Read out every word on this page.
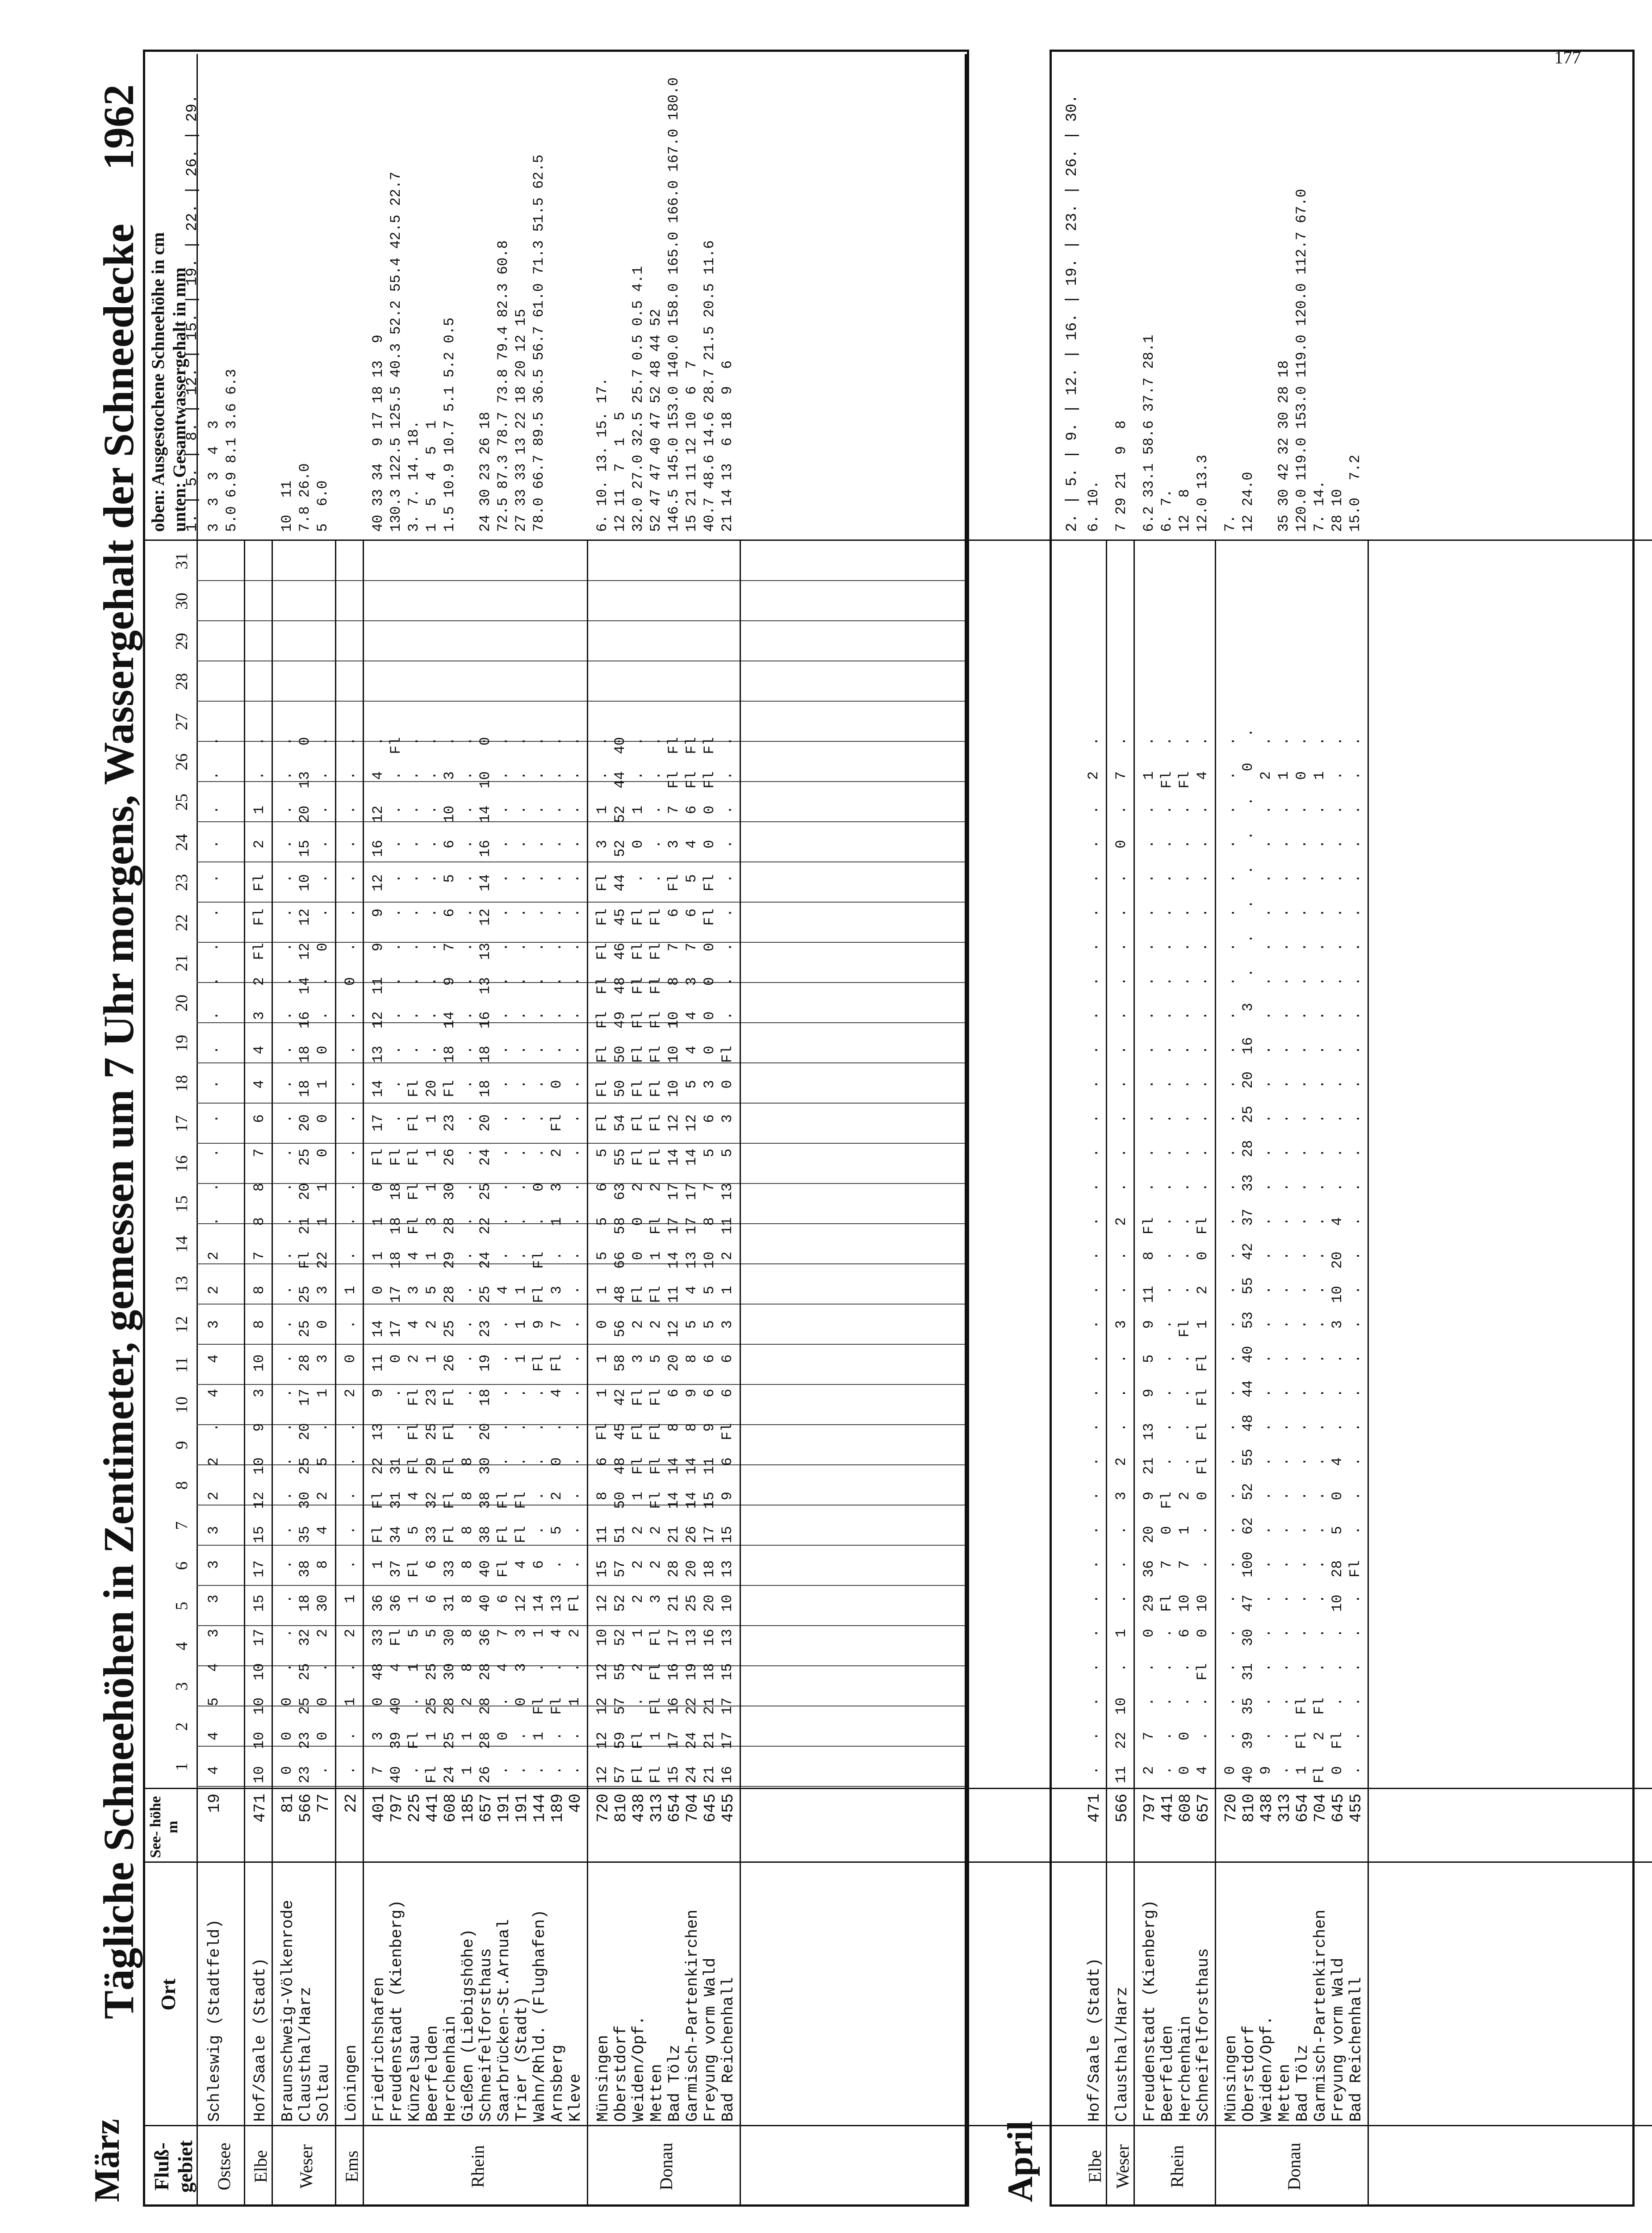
177
März
Tägliche Schneehöhen in Zentimeter, gemessen um 7 Uhr morgens, Wassergehalt der Schneedecke
1962
Fluß- gebiet
Ort
See- höhe m
1
2
3
4
5
6
7
8
9
10
11
12
13
14
15
16
17
18
19
20
21
22
23
24
25
26
27
28
29
30
31
oben: Ausgestochene Schneehöhe in cm unten: Gesamtwassergehalt in mm
1. | 5. | 8. | 12. | 15. | 19. | 22. | 26. | 29.
Schleswig (Stadtfeld)
19
4   4   5   4   3   3   3   3   2   2   .   4   4   3   2   2   .   .   .   .   .   .   .   .   .   .   .   .   .   .   .
3  3  3  4  3 5.0 6.9 8.1 3.6 6.3
Ostsee
Hof/Saale (Stadt)
471
10  10  10  10  17  15  17  15  12  10   9   3  10   8   8   7   8   8   7   6   4   4   3   2  Fl  Fl  Fl   2   1   .   .
Elbe
Braunschweig-Völkenrode
81
0   0   0   .   .   .   .   .   .   .   .   .   .   .   .   .   .   .   .   .   .   .   .   .   .   .   .   .   .   .   .
10  11
Clausthal/Harz
566
23  23  25  25  32  18  38  35  30  25  20  17  28  25  25  Fl  21  20  25  20  18  18  16  14  12  12  10  15  20  13   0
7.8 26.0
Soltau
77
.   0   0   .   2  30   8   4   2   5   .   1   3   0   3  22   1   1   0   0   1   0   .   .   0   .   .   .   .   .   .
5  6.0
Weser
Löningen
22
.   .   1   .   2   1   .   .   .   .   .   2   0   .   1   .   .   .   .   .   .   .   .   0   .   .   .   .   .   .   .
Ems
Friedrichshafen
401
7   3   0  48  33  36   1  Fl  Fl  22  13   9  11  14   0   1   1   0  Fl  17  14  13  12  11   9   9  12  16  12   4   .
40 33 34  9 17 18 13  9
Freudenstadt (Kienberg)
797
40  39  40   4  Fl  36  37  34  31  31   .   .   0  17  17  18  18  18  Fl   .   .   .   .   .   .   .   .   .   .   .  Fl
130.3 122.5 125.5 40.3 52.2 55.4 42.5 22.7
Künzelsau
225
.  Fl   .   1   5   1  Fl   5   4  Fl  Fl  Fl   2   4   3   4  Fl  Fl  Fl  Fl  Fl   .   .   .   .   .   .   .   .   .   .
3. 7. 14. 18.
Beerfelden
441
Fl   1  25  25   5   6   6  33  32  29  25  23   1   2   5   1   3   1   1   1  20   .   .   .   .   .   .   .   .   .   .
1  5  4  5  1
Herchenhain
608
24  25  28  30  30  31  33  Fl  Fl  Fl  Fl  Fl  26  25  28  29  28  30  26  23  Fl  18  14   9   7   6   5   6  10   3   .
1.5 10.9 10.7 5.1 5.2 0.5
Gießen (Liebigshöhe)
185
1   1   2   8   8   8   8   8   8   8   .   .   .   .   .   .   .   .   .   .   .   .   .   .   .   .   .   .   .   .   .
Schneifelforsthaus
657
26  28  28  28  36  40  40  38  38  30  20  18  19  23  25  24  22  25  24  20  18  18  16  13  13  12  14  16  14  10   0
24 30 23 26 18
Saarbrücken-St.Arnual
191
.   0   .   4   7   6  Fl  Fl  Fl   .   .   .   .   .   4   .   .   .   .   .   .   .   .   .   .   .   .   .   .   .   .
72.5 87.3 78.7 73.8 79.4 82.3 60.8
Trier (Stadt)
191
.   .   0   3   3  12   4  Fl  Fl   .   .   .   1   1   1   .   .   .   .   .   .   .   .   .   .   .   .   .   .   .   .
27 33 33 13 22 18 20 12 15
Wahn/Rhld. (Flughafen)
144
.   1  Fl   .   1  14   6   .   .   .   .   .  Fl   9  Fl  Fl   .   0   .   .   .   .   .   .   .   .   .   .   .   .   .
78.0 66.7 89.5 36.5 56.7 61.0 71.3 51.5 62.5
Arnsberg
189
.   .  Fl   .   4  13   .   5   2   0   .   4  Fl   7   3   .   1   3   2  Fl   0   .   .   .   .   .   .   .   .   .   .
Kleve
40
.   .   1   .   2  Fl   .   .   .   .   .   .   .   .   .   .   .   .   .   .   .   .   .   .   .   .   .   .   .   .   .
Rhein
Münsingen
720
12  12  12  12  10  12  15  11   8   6  Fl   1   1   0   1   5   5   6   5  Fl  Fl  Fl  Fl  Fl  Fl  Fl  Fl   3   1   .   .
6. 10. 13. 15. 17.
Oberstdorf
810
57  59  57  55  52  52  57  51  50  48  45  42  58  56  48  66  58  63  55  54  50  50  49  48  46  45  44  52  52  44  40
12 11  7  1  5
Weiden/Opf.
438
Fl  Fl   .   2   1   2   2   2   1  Fl  Fl  Fl   3   2  Fl   0   0   2  Fl  Fl  Fl  Fl  Fl  Fl  Fl  Fl   .   0   1   .   .
32.0 27.0 32.5 25.7 0.5 0.5 4.1
Metten
313
Fl   1  Fl  Fl  Fl   3   2   2  Fl  Fl  Fl  Fl   5   2  Fl   1  Fl   2  Fl  Fl  Fl  Fl  Fl  Fl  Fl  Fl   .   .   .   .   .
52 47 47 40 47 52 48 44 52
Bad Tölz
654
15  17  16  16  17  21  28  21  14  14   8   6  20  12  11  14  17  17  14  12  10  10  10   8   7   6  Fl   3   7  Fl  Fl
146.5 145.0 153.0 140.0 158.0 165.0 166.0 167.0 180.0
Garmisch-Partenkirchen
704
24  24  22  19  13  25  20  26  14  14   8   9   8   5   4  13  17  17  14  12   5   4   4   3   7   6   5   4   6  Fl  Fl
15 21 11 12 10  6  7
Freyung vorm Wald
645
21  21  21  18  16  20  18  17  15  11   9   6   6   5   5  10   8   7   5   6   3   0   0   0   0  Fl  Fl   0   0  Fl  Fl
40.7 48.6 14.6 28.7 21.5 20.5 11.6
Bad Reichenhall
455
16  17  17  15  13  10  13  15   9   6  Fl   6   6   3   1   2  11  13   5   3   0  Fl   .   .   .   .   .   .   .   .   .
21 14 13  6 18  9  6
Donau	April
2. | 5. | 9. | 12. | 16. | 19. | 23. | 26. | 30.
Hof/Saale (Stadt)
471
.   .   .   .   .   .   .   .   .   .   .   .   .   .   .   .   .   .   .   .   .   .   .   .   .   .   .   .   .   2   .
6. 10.
Elbe
Clausthal/Harz
566
11  22  10   .   1   .   .   .   3   2   .   .   .   3   .   .   2   .   .   .   .   .   .   .   .   .   .   0   .   7   .
7 29 21  9  8
Weser
Freudenstadt (Kienberg)
797
2   7   .   .   0  29  36  20   9  21  13   9   5   9  11   8  Fl   .   .   .   .   .   .   .   .   .   .   .   .   1   .
6.2 33.1 58.6 37.7 28.1
Beerfelden
441
.   .   .   .   .  Fl   7   0  Fl   .   .   .   .   .   .   .   .   .   .   .   .   .   .   .   .   .   .   .   .  Fl   .
6. 7.
Herchenhain
608
0   0   .   .   6  10   7   1   2   .   .   .   .  Fl   .   .   .   .   .   .   .   .   .   .   .   .   .   .   .  Fl   .
12  8
Schneifelforsthaus
657
4   .   .  Fl   0  10   .   .   0  Fl  Fl  Fl  Fl   1   2   0  Fl   .   .   .   .   .   .   .   .   .   .   .   .   4   .
12.0 13.3
Rhein
Münsingen
720
0   .   .   .   .   .   .   .   .   .   .   .   .   .   .   .   .   .   .   .   .   .   .   .   .   .   .   .   .   .   .
7.
Oberstdorf
810
40  39  35  31  30  47  100  62  52  55  48  44  40  53  55  42  37  33  28  25  20  16   3   .   .   .   .   .   .   0   .
12 24.0
Weiden/Opf.
438
9   .   .   .   .   .   .   .   .   .   .   .   .   .   .   .   .   .   .   .   .   .   .   .   .   .   .   .   .   2   .
Metten
313
.   .   .   .   .   .   .   .   .   .   .   .   .   .   .   .   .   .   .   .   .   .   .   .   .   .   .   .   .   1   .
35 30 42 32 30 28 18
Bad Tölz
654
1  Fl  Fl   .   .   .   .   .   .   .   .   .   .   .   .   .   .   .   .   .   .   .   .   .   .   .   .   .   .   0   .
120.0 119.0 153.0 119.0 120.0 112.7 67.0
Garmisch-Partenkirchen
704
Fl   2  Fl   .   .   .   .   .   .   .   .   .   .   .   .   .   .   .   .   .   .   .   .   .   .   .   .   .   .   1   .
7. 14.
Freyung vorm Wald
645
0  Fl   .   .   .  10  28   5   0   4   .   .   .   3  10  20   4   .   .   .   .   .   .   .   .   .   .   .   .   .   .
28 10
Bad Reichenhall
455
.   .   .   .   .   .  Fl   .   .   .   .   .   .   .   .   .   .   .   .   .   .   .   .   .   .   .   .   .   .   .   .
15.0  7.2
Donau
